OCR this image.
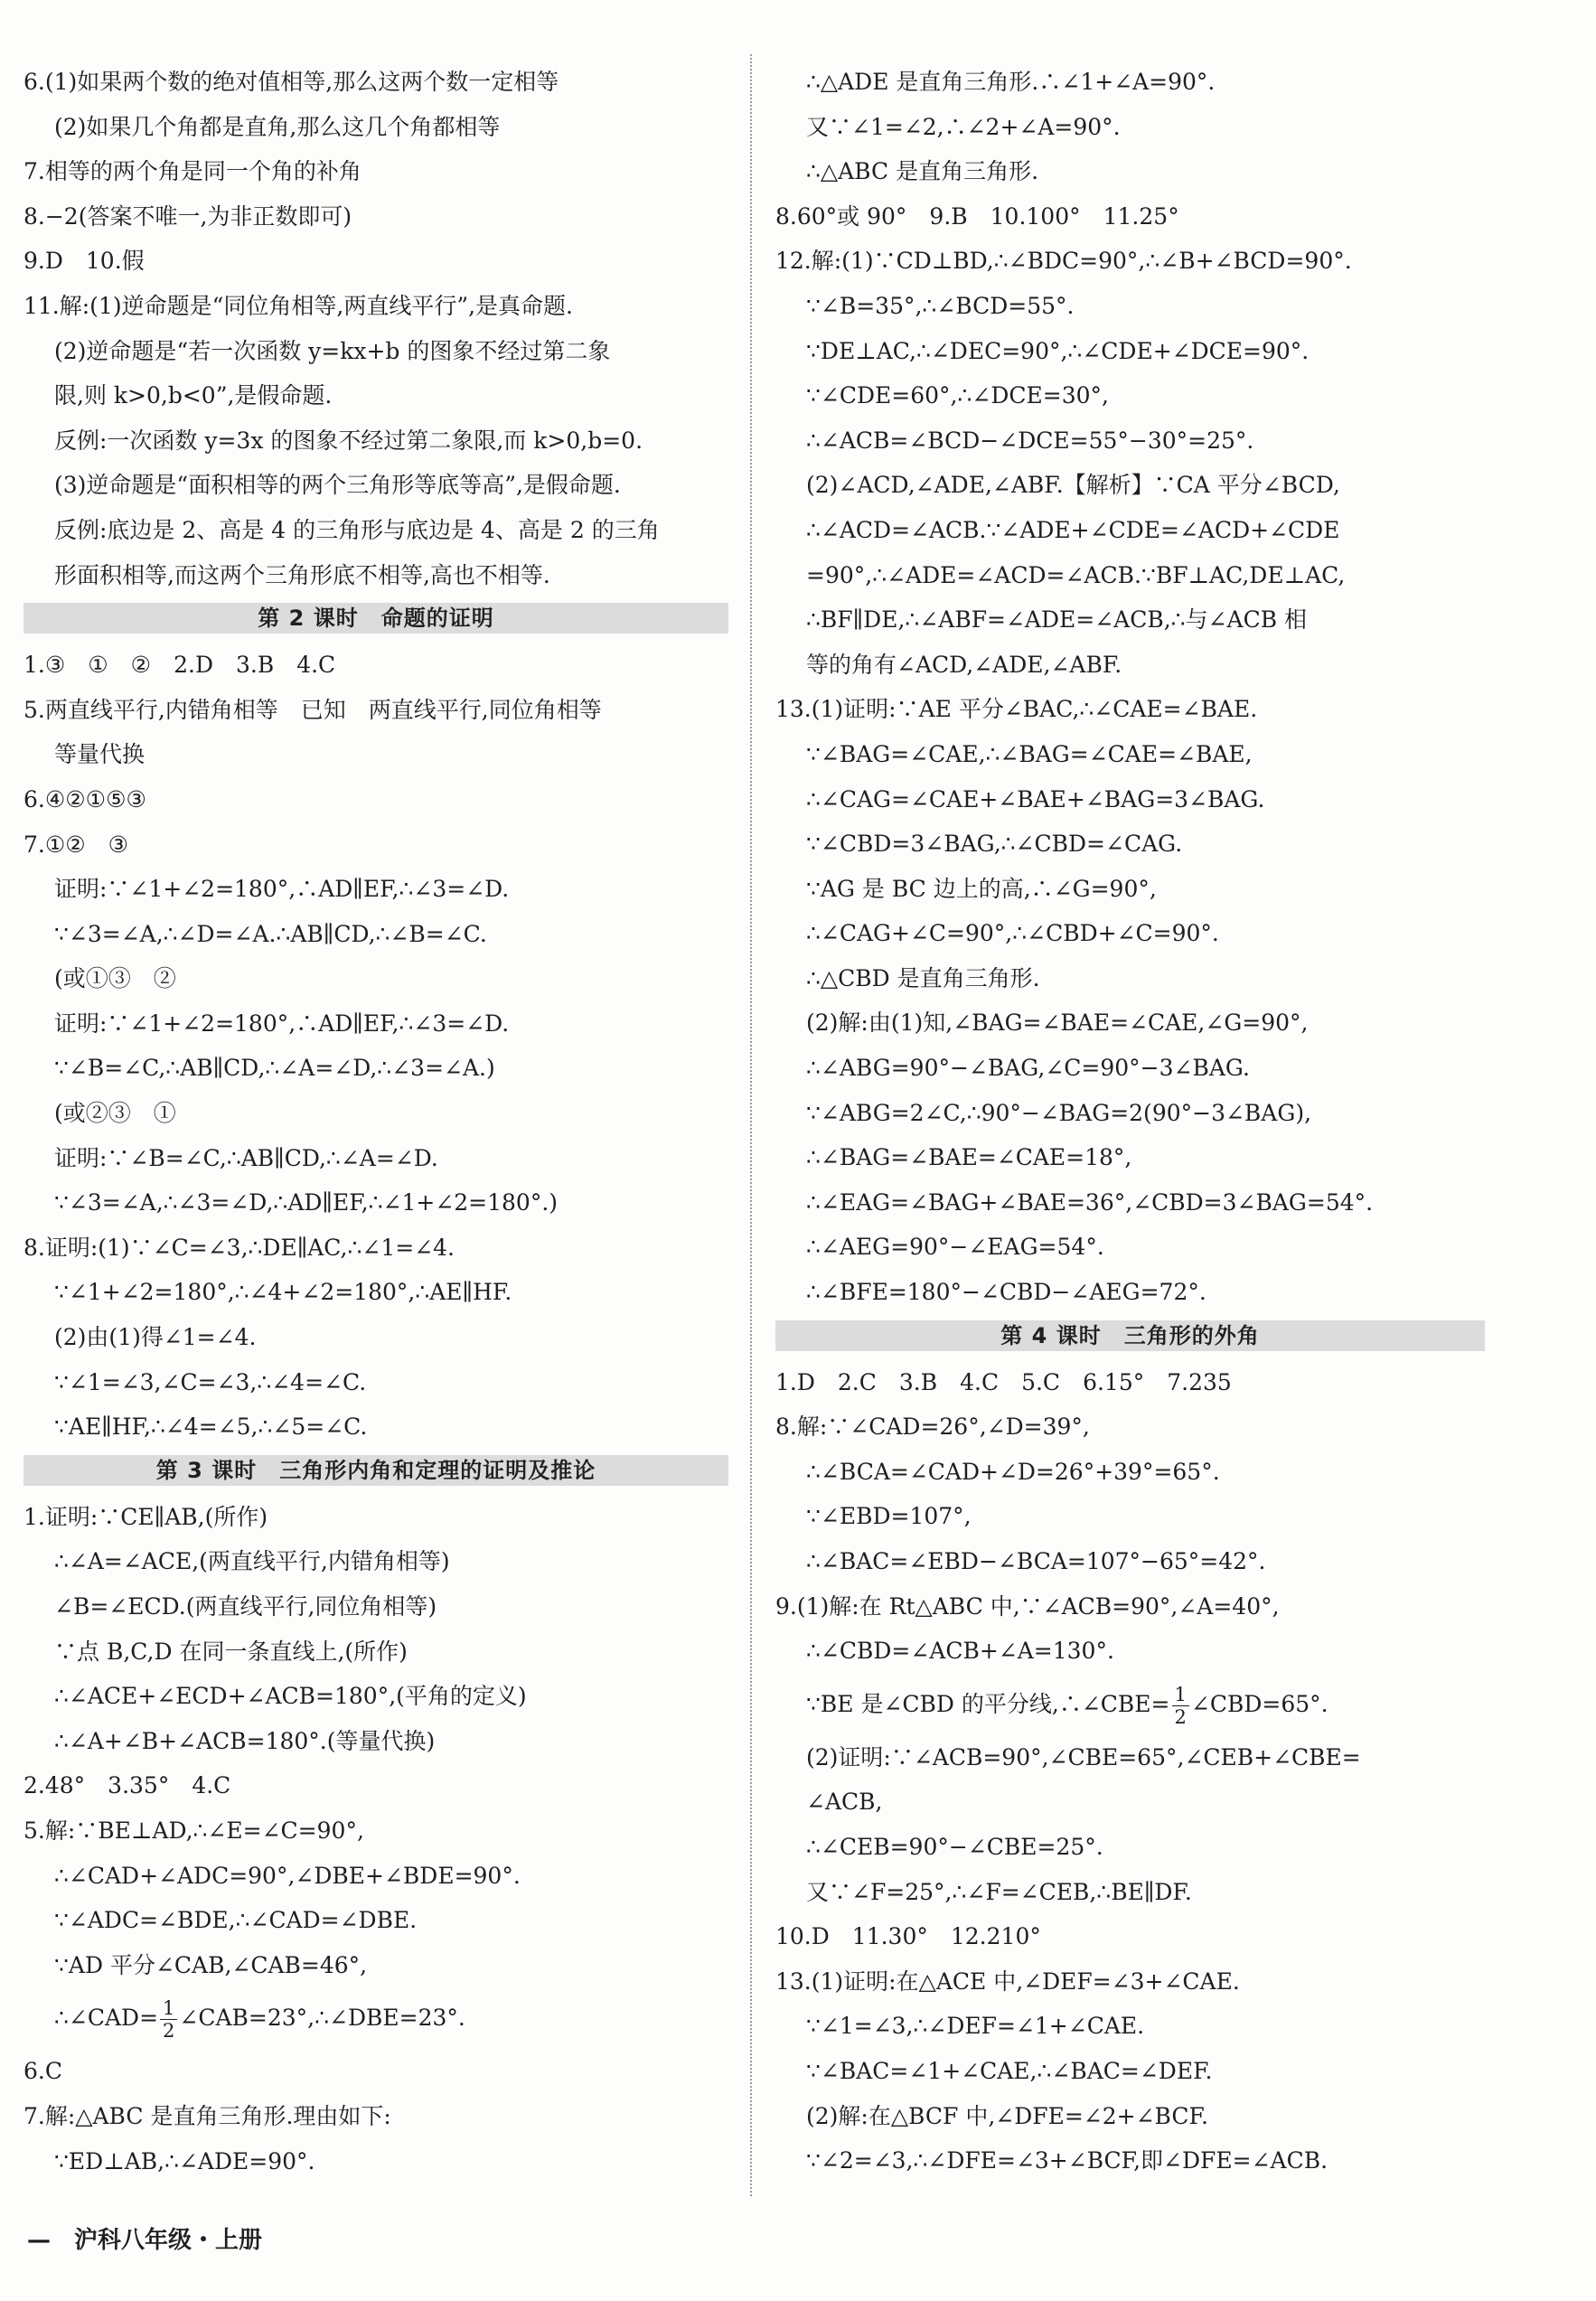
6.(1)如果两个数的绝对值相等,那么这两个数一定相等
(2)如果几个角都是直角,那么这几个角都相等
7.相等的两个角是同一个角的补角
8.−2(答案不唯一,为非正数即可)
9.D　10.假
11.解:(1)逆命题是“同位角相等,两直线平行”,是真命题.
(2)逆命题是“若一次函数 y=kx+b 的图象不经过第二象
限,则 k>0,b<0”,是假命题.
反例:一次函数 y=3x 的图象不经过第二象限,而 k>0,b=0.
(3)逆命题是“面积相等的两个三角形等底等高”,是假命题.
反例:底边是 2、高是 4 的三角形与底边是 4、高是 2 的三角
形面积相等,而这两个三角形底不相等,高也不相等.
第 2 课时　命题的证明
1.③　①　②　2.D　3.B　4.C
5.两直线平行,内错角相等　已知　两直线平行,同位角相等
等量代换
6.④②①⑤③
7.①②　③
证明:∵∠1+∠2=180°,∴AD∥EF,∴∠3=∠D.
∵∠3=∠A,∴∠D=∠A.∴AB∥CD,∴∠B=∠C.
(或①③　②
证明:∵∠1+∠2=180°,∴AD∥EF,∴∠3=∠D.
∵∠B=∠C,∴AB∥CD,∴∠A=∠D,∴∠3=∠A.)
(或②③　①
证明:∵∠B=∠C,∴AB∥CD,∴∠A=∠D.
∵∠3=∠A,∴∠3=∠D,∴AD∥EF,∴∠1+∠2=180°.)
8.证明:(1)∵∠C=∠3,∴DE∥AC,∴∠1=∠4.
∵∠1+∠2=180°,∴∠4+∠2=180°,∴AE∥HF.
(2)由(1)得∠1=∠4.
∵∠1=∠3,∠C=∠3,∴∠4=∠C.
∵AE∥HF,∴∠4=∠5,∴∠5=∠C.
第 3 课时　三角形内角和定理的证明及推论
1.证明:∵CE∥AB,(所作)
∴∠A=∠ACE,(两直线平行,内错角相等)
∠B=∠ECD.(两直线平行,同位角相等)
∵点 B,C,D 在同一条直线上,(所作)
∴∠ACE+∠ECD+∠ACB=180°,(平角的定义)
∴∠A+∠B+∠ACB=180°.(等量代换)
2.48°　3.35°　4.C
5.解:∵BE⊥AD,∴∠E=∠C=90°,
∴∠CAD+∠ADC=90°,∠DBE+∠BDE=90°.
∵∠ADC=∠BDE,∴∠CAD=∠DBE.
∵AD 平分∠CAB,∠CAB=46°,
∴∠CAD= $\frac{1}{2}$ ∠CAB=23°,∴∠DBE=23°.
6.C
7.解:△ABC 是直角三角形.理由如下:
∵ED⊥AB,∴∠ADE=90°.
∴△ADE 是直角三角形.∴∠1+∠A=90°.
又∵∠1=∠2,∴∠2+∠A=90°.
∴△ABC 是直角三角形.
8.60°或 90°　9.B　10.100°　11.25°
12.解:(1)∵CD⊥BD,∴∠BDC=90°,∴∠B+∠BCD=90°.
∵∠B=35°,∴∠BCD=55°.
∵DE⊥AC,∴∠DEC=90°,∴∠CDE+∠DCE=90°.
∵∠CDE=60°,∴∠DCE=30°,
∴∠ACB=∠BCD−∠DCE=55°−30°=25°.
(2)∠ACD,∠ADE,∠ABF.【解析】∵CA 平分∠BCD,
∴∠ACD=∠ACB.∵∠ADE+∠CDE=∠ACD+∠CDE
=90°,∴∠ADE=∠ACD=∠ACB.∵BF⊥AC,DE⊥AC,
∴BF∥DE,∴∠ABF=∠ADE=∠ACB,∴与∠ACB 相
等的角有∠ACD,∠ADE,∠ABF.
13.(1)证明:∵AE 平分∠BAC,∴∠CAE=∠BAE.
∵∠BAG=∠CAE,∴∠BAG=∠CAE=∠BAE,
∴∠CAG=∠CAE+∠BAE+∠BAG=3∠BAG.
∵∠CBD=3∠BAG,∴∠CBD=∠CAG.
∵AG 是 BC 边上的高,∴∠G=90°,
∴∠CAG+∠C=90°,∴∠CBD+∠C=90°.
∴△CBD 是直角三角形.
(2)解:由(1)知,∠BAG=∠BAE=∠CAE,∠G=90°,
∴∠ABG=90°−∠BAG,∠C=90°−3∠BAG.
∵∠ABG=2∠C,∴90°−∠BAG=2(90°−3∠BAG),
∴∠BAG=∠BAE=∠CAE=18°,
∴∠EAG=∠BAG+∠BAE=36°,∠CBD=3∠BAG=54°.
∴∠AEG=90°−∠EAG=54°.
∴∠BFE=180°−∠CBD−∠AEG=72°.
第 4 课时　三角形的外角
1.D　2.C　3.B　4.C　5.C　6.15°　7.235
8.解:∵∠CAD=26°,∠D=39°,
∴∠BCA=∠CAD+∠D=26°+39°=65°.
∵∠EBD=107°,
∴∠BAC=∠EBD−∠BCA=107°−65°=42°.
9.(1)解:在 Rt△ABC 中,∵∠ACB=90°,∠A=40°,
∴∠CBD=∠ACB+∠A=130°.
∵BE 是∠CBD 的平分线,∴∠CBE= $\frac{1}{2}$ ∠CBD=65°.
(2)证明:∵∠ACB=90°,∠CBE=65°,∠CEB+∠CBE=
∠ACB,
∴∠CEB=90°−∠CBE=25°.
又∵∠F=25°,∴∠F=∠CEB,∴BE∥DF.
10.D　11.30°　12.210°
13.(1)证明:在△ACE 中,∠DEF=∠3+∠CAE.
∵∠1=∠3,∴∠DEF=∠1+∠CAE.
∵∠BAC=∠1+∠CAE,∴∠BAC=∠DEF.
(2)解:在△BCF 中,∠DFE=∠2+∠BCF.
∵∠2=∠3,∴∠DFE=∠3+∠BCF,即∠DFE=∠ACB.
—　沪科八年级・上册
